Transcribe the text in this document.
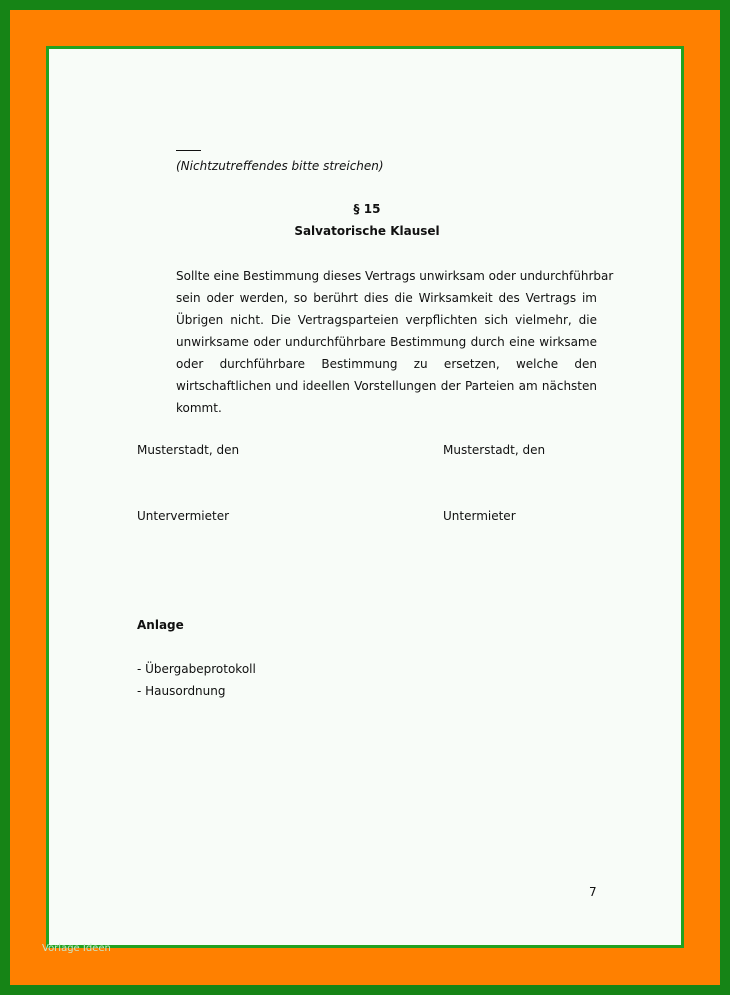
(Nichtzutreffendes bitte streichen)

§ 15

Salvatorische Klausel

Sollte eine Bestimmung dieses Vertrags unwirksam oder undurchführbar
sein oder werden, so berührt dies die Wirksamkeit des Vertrags im
Übrigen nicht. Die Vertragsparteien verpflichten sich vielmehr, die
unwirksame oder undurchführbare Bestimmung durch eine wirksame
oder durchführbare Bestimmung zu ersetzen, welche den
wirtschaftlichen und ideellen Vorstellungen der Parteien am nächsten
kommt.

Musterstadt, den	Musterstadt, den

Untervermieter	Untermieter

Anlage

- Übergabeprotokoll

- Hausordnung

7

Vorlage Ideen
